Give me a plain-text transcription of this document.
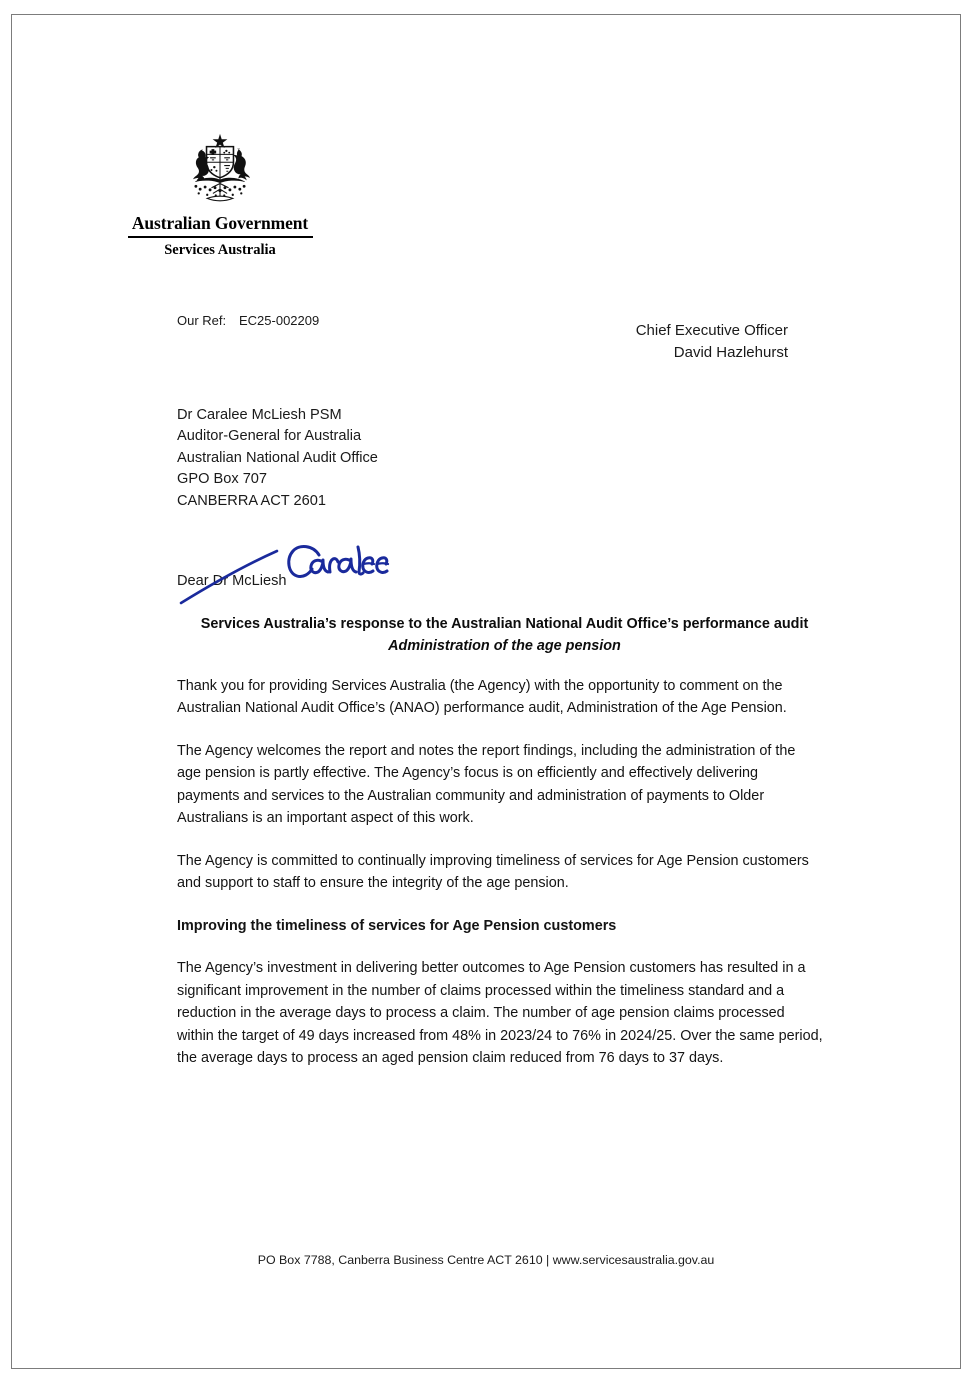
Australian Government
Services Australia
Our Ref: EC25-002209
Chief Executive Officer
David Hazlehurst
Dr Caralee McLiesh PSM
Auditor-General for Australia
Australian National Audit Office
GPO Box 707
CANBERRA ACT 2601
Dear Dr McLiesh
Services Australia’s response to the Australian National Audit Office’s performance audit
Administration of the age pension

Thank you for providing Services Australia (the Agency) with the opportunity to comment on the Australian National Audit Office’s (ANAO) performance audit, Administration of the Age Pension.

The Agency welcomes the report and notes the report findings, including the administration of the age pension is partly effective. The Agency’s focus is on efficiently and effectively delivering payments and services to the Australian community and administration of payments to Older Australians is an important aspect of this work.

The Agency is committed to continually improving timeliness of services for Age Pension customers and support to staff to ensure the integrity of the age pension.

Improving the timeliness of services for Age Pension customers

The Agency’s investment in delivering better outcomes to Age Pension customers has resulted in a significant improvement in the number of claims processed within the timeliness standard and a reduction in the average days to process a claim. The number of age pension claims processed within the target of 49 days increased from 48% in 2023/24 to 76% in 2024/25. Over the same period, the average days to process an aged pension claim reduced from 76 days to 37 days.

PO Box 7788, Canberra Business Centre ACT 2610 | www.servicesaustralia.gov.au
